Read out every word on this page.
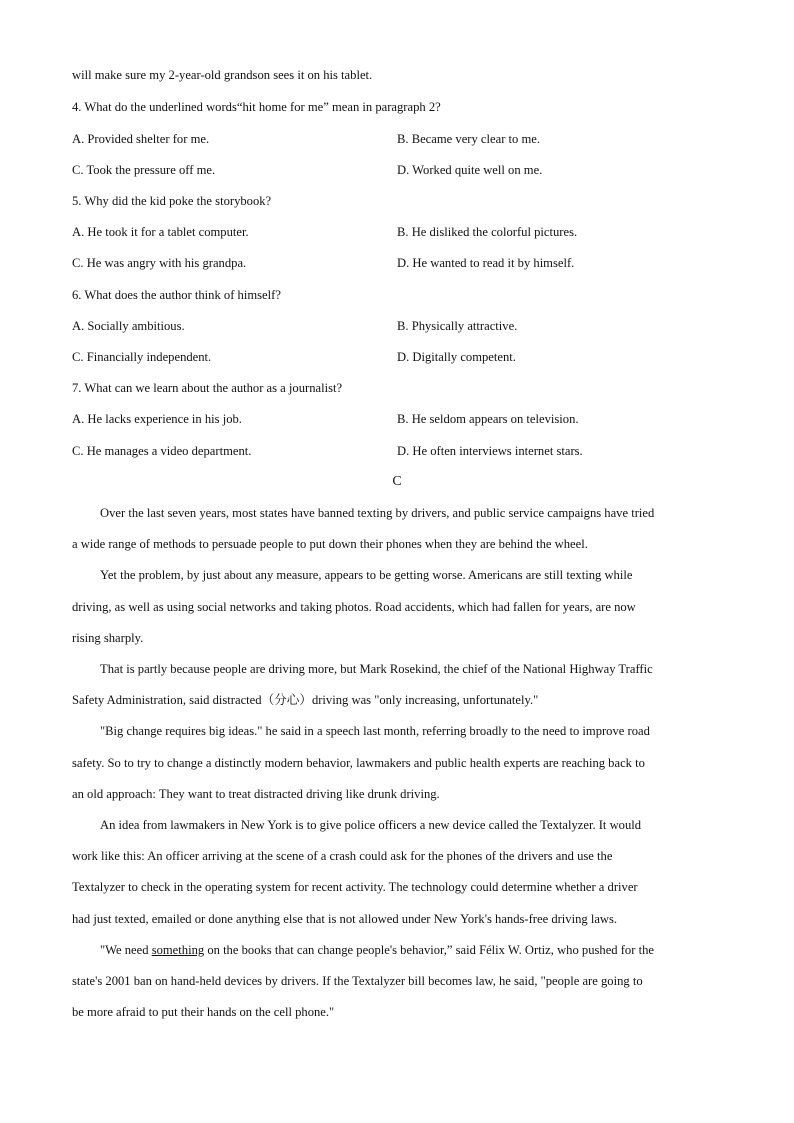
will make sure my 2-year-old grandson sees it on his tablet.
4. What do the underlined words“hit home for me” mean in paragraph 2?
A. Provided shelter for me.	B. Became very clear to me.
C. Took the pressure off me.	D. Worked quite well on me.
5. Why did the kid poke the storybook?
A. He took it for a tablet computer.	B. He disliked the colorful pictures.
C. He was angry with his grandpa.	D. He wanted to read it by himself.
6. What does the author think of himself?
A. Socially ambitious.	B. Physically attractive.
C. Financially independent.	D. Digitally competent.
7. What can we learn about the author as a journalist?
A. He lacks experience in his job.	B. He seldom appears on television.
C. He manages a video department.	D. He often interviews internet stars.
C
Over the last seven years, most states have banned texting by drivers, and public service campaigns have tried
a wide range of methods to persuade people to put down their phones when they are behind the wheel.
Yet the problem, by just about any measure, appears to be getting worse. Americans are still texting while
driving, as well as using social networks and taking photos. Road accidents, which had fallen for years, are now
rising sharply.
That is partly because people are driving more, but Mark Rosekind, the chief of the National Highway Traffic
Safety Administration, said distracted（分心）driving was "only increasing, unfortunately."
"Big change requires big ideas." he said in a speech last month, referring broadly to the need to improve road
safety. So to try to change a distinctly modern behavior, lawmakers and public health experts are reaching back to
an old approach: They want to treat distracted driving like drunk driving.
An idea from lawmakers in New York is to give police officers a new device called the Textalyzer. It would
work like this: An officer arriving at the scene of a crash could ask for the phones of the drivers and use the
Textalyzer to check in the operating system for recent activity. The technology could determine whether a driver
had just texted, emailed or done anything else that is not allowed under New York's hands-free driving laws.
"We need something on the books that can change people's behavior,” said Félix W. Ortiz, who pushed for the
state's 2001 ban on hand-held devices by drivers. If the Textalyzer bill becomes law, he said, "people are going to
be more afraid to put their hands on the cell phone."
